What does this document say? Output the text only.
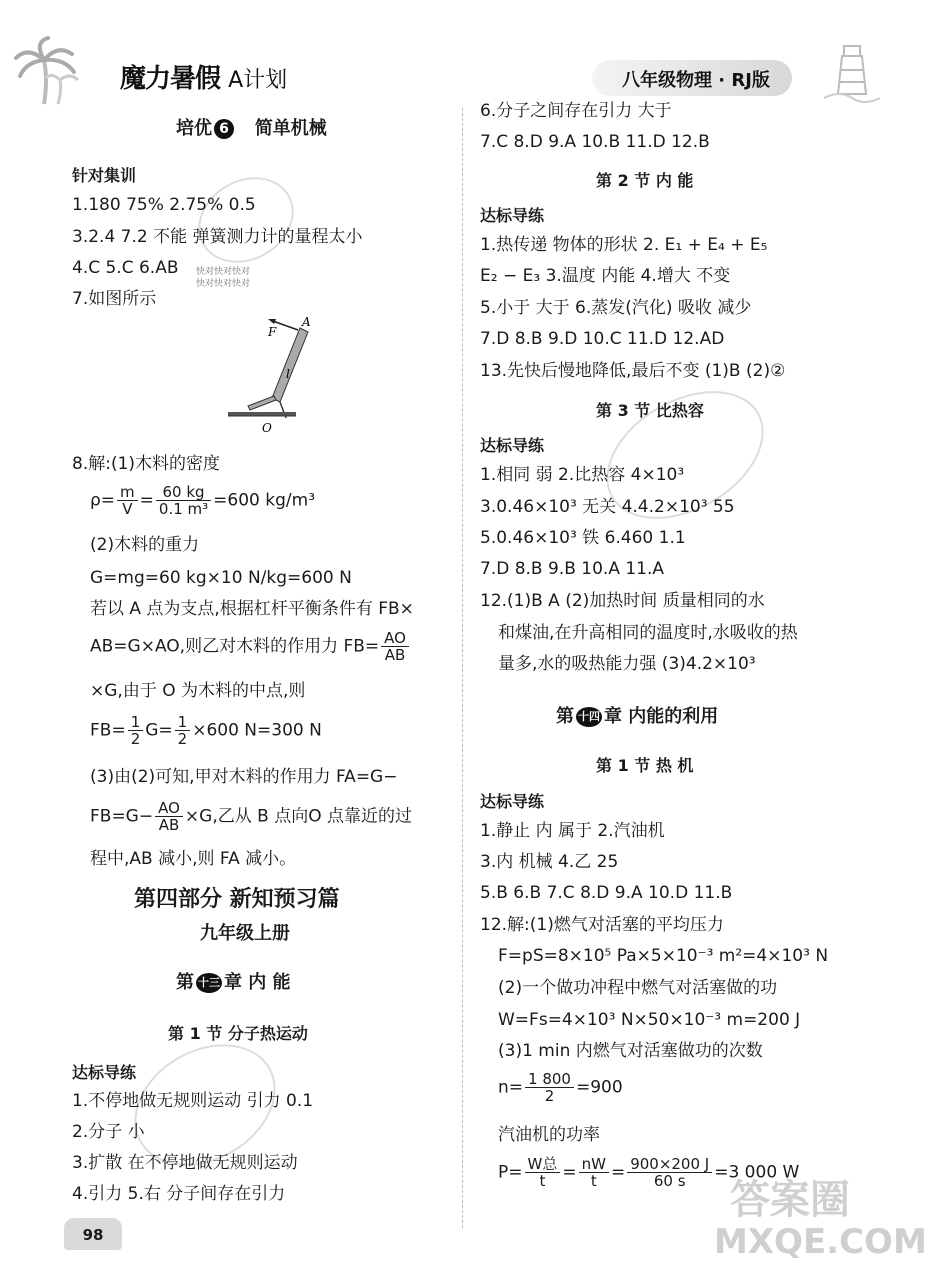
魔力暑假 A计划	八年级物理 · RJ版
快对快对快对
快对快对快对
培优 6 简单机械
针对集训
1.180 75% 2.75% 0.5
3.2.4 7.2 不能 弹簧测力计的量程太小
4.C 5.C 6.AB
7.如图所示
F
A
l
O
8.解:(1)木料的密度
$\rho= \frac{m}{V} = \frac{60 kg}{\text{0.1 m³}} =600$ kg/m³
(2)木料的重力
G=mg=60 kg×10 N/kg=600 N
若以 A 点为支点,根据杠杆平衡条件有 FB×
AB=G×AO,则乙对木料的作用力 $FB= \frac{AO}{AB}$
×G,由于 O 为木料的中点,则
$FB= \frac{1}{2} G= \frac{1}{2} \times 600$ N=300 N
(3)由(2)可知,甲对木料的作用力 FA=G−
$FB=G- \frac{AO}{AB} \times G$,乙从 B 点向O 点靠近的过
程中,AB 减小,则 FA 减小。
第四部分 新知预习篇
九年级上册
第 十三 章 内 能
第 1 节 分子热运动
达标导练
1.不停地做无规则运动 引力 0.1
2.分子 小
3.扩散 在不停地做无规则运动
4.引力 5.右 分子间存在引力
6.分子之间存在引力 大于
7.C 8.D 9.A 10.B 11.D 12.B
第 2 节 内 能
达标导练
1.热传递 物体的形状 2. E₁ + E₄ + E₅
E₂ − E₃ 3.温度 内能 4.增大 不变
5.小于 大于 6.蒸发(汽化) 吸收 减少
7.D 8.B 9.D 10.C 11.D 12.AD
13.先快后慢地降低,最后不变 (1)B (2)②
第 3 节 比热容
达标导练
1.相同 弱 2.比热容 4×10³
3.0.46×10³ 无关 4.4.2×10³ 55
5.0.46×10³ 铁 6.460 1.1
7.D 8.B 9.B 10.A 11.A
12.(1)B A (2)加热时间 质量相同的水
和煤油,在升高相同的温度时,水吸收的热
量多,水的吸热能力强 (3)4.2×10³
第 十四 章 内能的利用
第 1 节 热 机
达标导练
1.静止 内 属于 2.汽油机
3.内 机械 4.乙 25
5.B 6.B 7.C 8.D 9.A 10.D 11.B
12.解:(1)燃气对活塞的平均压力
F=pS=8×10⁵ Pa×5×10⁻³ m²=4×10³ N
(2)一个做功冲程中燃气对活塞做的功
W=Fs=4×10³ N×50×10⁻³ m=200 J
(3)1 min 内燃气对活塞做功的次数
$n= \frac{1 800}{2} =900$
汽油机的功率
$P= \frac{\text{W总}}{t} = \frac{nW}{t} = \frac{900\times 200 J}{60 s} =3$ 000 W
98
答案圈
MXQE.COM
